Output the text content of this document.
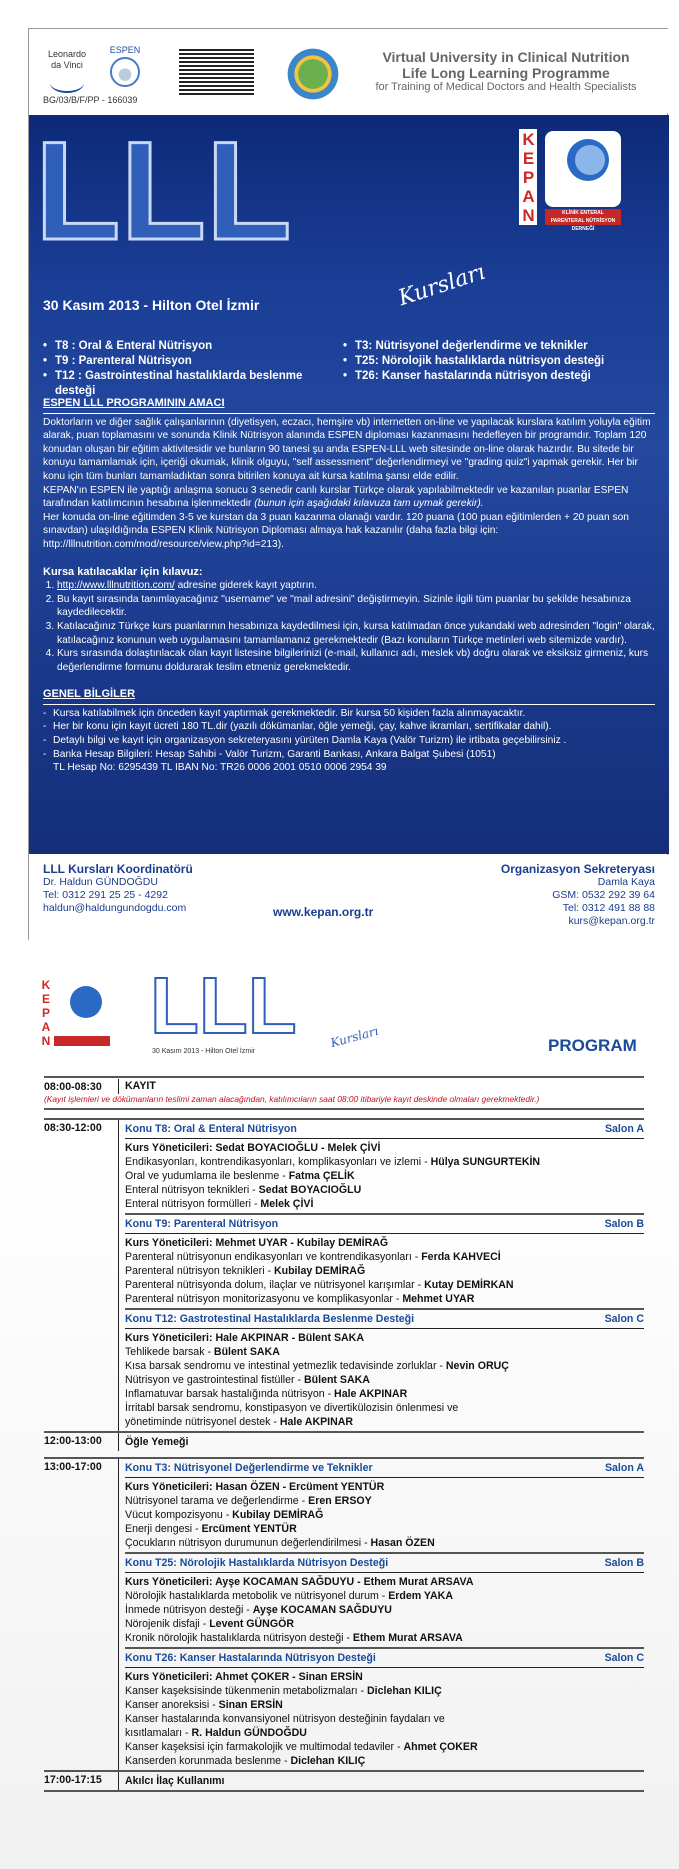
Leonardo da Vinci
ESPEN
BG/03/B/F/PP - 166039
Virtual University in Clinical Nutrition
Life Long Learning Programme
for Training of Medical Doctors and Health Specialists
LLL	KEPAN	KLİNİK ENTERAL PARENTERAL NÜTRİSYON DERNEĞİ
30 Kasım 2013 - Hilton Otel İzmir	Kursları
• T8 : Oral & Enteral Nütrisyon
• T9 : Parenteral Nütrisyon
• T12 : Gastrointestinal hastalıklarda beslenme desteği
• T3: Nütrisyonel değerlendirme ve teknikler
• T25: Nörolojik hastalıklarda nütrisyon desteği
• T26: Kanser hastalarında nütrisyon desteği
ESPEN LLL PROGRAMININ AMACI

Doktorların ve diğer sağlık çalışanlarının (diyetisyen, eczacı, hemşire vb) internetten on-line ve yapılacak kurslara katılım yoluyla eğitim alarak, puan toplamasını ve sonunda Klinik Nütrisyon alanında ESPEN diploması kazanmasını hedefleyen bir programdır. Toplam 120 konudan oluşan bir eğitim aktivitesidir ve bunların 90 tanesi şu anda ESPEN-LLL web sitesinde on-line olarak hazırdır. Bu sitede bir konuyu tamamlamak için, içeriği okumak, klinik olguyu, "self assessment" değerlendirmeyi ve "grading quiz"i yapmak gerekir. Her bir konu için tüm bunları tamamladıktan sonra bitirilen konuya ait kursa katılma şansı elde edilir.

KEPAN'ın ESPEN ile yaptığı anlaşma sonucu 3 senedir canlı kurslar Türkçe olarak yapılabilmektedir ve kazanılan puanlar ESPEN tarafından katılımcının hesabına işlenmektedir (bunun için aşağıdaki kılavuza tam uymak gerekir).

Her konuda on-line eğitimden 3-5 ve kurstan da 3 puan kazanma olanağı vardır. 120 puana (100 puan eğitimlerden + 20 puan son sınavdan) ulaşıldığında ESPEN Klinik Nütrisyon Diploması almaya hak kazanılır (daha fazla bilgi için: http://lllnutrition.com/mod/resource/view.php?id=213).

Kursa katılacaklar için kılavuz:
1. http://www.lllnutrition.com/ adresine giderek kayıt yaptırın.
2. Bu kayıt sırasında tanımlayacağınız "username" ve "mail adresini" değiştirmeyin. Sizinle ilgili tüm puanlar bu şekilde hesabınıza kaydedilecektir.
3. Katılacağınız Türkçe kurs puanlarının hesabınıza kaydedilmesi için, kursa katılmadan önce yukandaki web adresinden "login" olarak, katılacağınız konunun web uygulamasını tamamlamanız gerekmektedir (Bazı konuların Türkçe metinleri web sitemizde vardır).
4. Kurs sırasında dolaştırılacak olan kayıt listesine bilgilerinizi (e-mail, kullanıcı adı, meslek vb) doğru olarak ve eksiksiz girmeniz, kurs değerlendirme formunu doldurarak teslim etmeniz gerekmektedir.
GENEL BİLGİLER
- Kursa katılabilmek için önceden kayıt yaptırmak gerekmektedir. Bir kursa 50 kişiden fazla alınmayacaktır.
- Her bir konu için kayıt ücreti 180 TL.dir (yazılı dökümanlar, öğle yemeği, çay, kahve ikramları, sertifikalar dahil).
- Detaylı bilgi ve kayıt için organizasyon sekreteryasını yürüten Damla Kaya (Valör Turizm) ile irtibata geçebilirsiniz .
- Banka Hesap Bilgileri: Hesap Sahibi - Valör Turizm, Garanti Bankası, Ankara Balgat Şubesi (1051)
TL Hesap No: 6295439 TL IBAN No: TR26 0006 2001 0510 0006 2954 39
LLL Kursları Koordinatörü
Dr. Haldun GÜNDOĞDU
Tel: 0312 291 25 25 - 4292
haldun@haldungundogdu.com	www.kepan.org.tr
Organizasyon Sekreteryası
Damla Kaya
GSM: 0532 292 39 64
Tel: 0312 491 88 88
kurs@kepan.org.tr
KEPAN LLL
30 Kasım 2013 - Hilton Otel İzmir
Kursları	PROGRAM
08:00-08:30	KAYIT
(Kayıt işlemleri ve dökümanların teslimi zaman alacağından, katılımcıların saat 08:00 itibariyle kayıt deskinde olmaları gerekmektedir.)
08:30-12:00	Konu T8: Oral & Enteral Nütrisyon	Salon A
Kurs Yöneticileri: Sedat BOYACIOĞLU - Melek ÇİVİ
Endikasyonları, kontrendikasyonları, komplikasyonları ve izlemi - Hülya SUNGURTEKİN
Oral ve yudumlama ile beslenme - Fatma ÇELİK
Enteral nütrisyon teknikleri - Sedat BOYACIOĞLU
Enteral nütrisyon formülleri - Melek ÇİVİ
Konu T9: Parenteral Nütrisyon	Salon B
Kurs Yöneticileri: Mehmet UYAR - Kubilay DEMİRAĞ
Parenteral nütrisyonun endikasyonları ve kontrendikasyonları - Ferda KAHVECİ
Parenteral nütrisyon teknikleri - Kubilay DEMİRAĞ
Parenteral nütrisyonda dolum, ilaçlar ve nütrisyonel karışımlar - Kutay DEMİRKAN
Parenteral nütrisyon monitorizasyonu ve komplikasyonlar - Mehmet UYAR
Konu T12: Gastrotestinal Hastalıklarda Beslenme Desteği	Salon C
Kurs Yöneticileri: Hale AKPINAR - Bülent SAKA
Tehlikede barsak - Bülent SAKA
Kısa barsak sendromu ve intestinal yetmezlik tedavisinde zorluklar - Nevin ORUÇ
Nütrisyon ve gastrointestinal fistüller - Bülent SAKA
Inflamatuvar barsak hastalığında nütrisyon - Hale AKPINAR
İrritabl barsak sendromu, konstipasyon ve divertikülozisin önlenmesi ve
yönetiminde nütrisyonel destek - Hale AKPINAR
12:00-13:00	Öğle Yemeği
13:00-17:00	Konu T3: Nütrisyonel Değerlendirme ve Teknikler	Salon A
Kurs Yöneticileri: Hasan ÖZEN - Ercüment YENTÜR
Nütrisyonel tarama ve değerlendirme - Eren ERSOY
Vücut kompozisyonu - Kubilay DEMİRAĞ
Enerji dengesi - Ercüment YENTÜR
Çocukların nütrisyon durumunun değerlendirilmesi - Hasan ÖZEN
Konu T25: Nörolojik Hastalıklarda Nütrisyon Desteği	Salon B
Kurs Yöneticileri: Ayşe KOCAMAN SAĞDUYU - Ethem Murat ARSAVA
Nörolojik hastalıklarda metobolik ve nütrisyonel durum - Erdem YAKA
İnmede nütrisyon desteği - Ayşe KOCAMAN SAĞDUYU
Nörojenik disfaji - Levent GÜNGÖR
Kronik nörolojik hastalıklarda nütrisyon desteği - Ethem Murat ARSAVA
Konu T26: Kanser Hastalarında Nütrisyon Desteği	Salon C
Kurs Yöneticileri: Ahmet ÇOKER - Sinan ERSİN
Kanser kaşeksisinde tükenmenin metabolizmaları - Diclehan KILIÇ
Kanser anoreksisi - Sinan ERSİN
Kanser hastalarında konvansiyonel nütrisyon desteğinin faydaları ve
kısıtlamaları - R. Haldun GÜNDOĞDU
Kanser kaşeksisi için farmakolojik ve multimodal tedaviler - Ahmet ÇOKER
Kanserden korunmada beslenme - Diclehan KILIÇ
17:00-17:15	Akılcı İlaç Kullanımı
